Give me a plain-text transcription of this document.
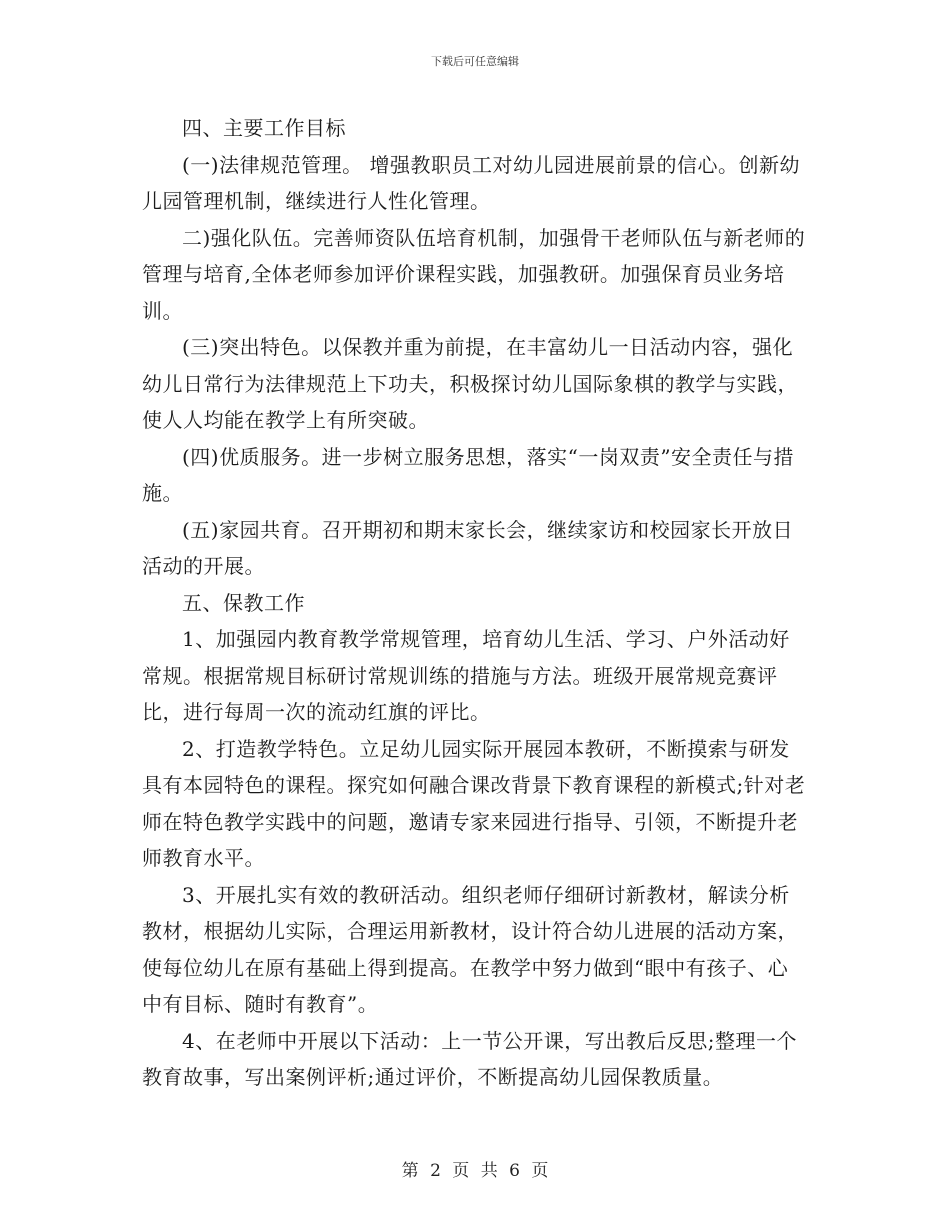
下载后可任意编辑

四、主要工作目标

(一)法律规范管理。 增强教职员工对幼儿园进展前景的信心。创新幼儿园管理机制，继续进行人性化管理。

二)强化队伍。完善师资队伍培育机制，加强骨干老师队伍与新老师的管理与培育,全体老师参加评价课程实践，加强教研。加强保育员业务培训。

(三)突出特色。以保教并重为前提，在丰富幼儿一日活动内容，强化幼儿日常行为法律规范上下功夫，积极探讨幼儿国际象棋的教学与实践，使人人均能在教学上有所突破。

(四)优质服务。进一步树立服务思想，落实“一岗双责”安全责任与措施。

(五)家园共育。召开期初和期末家长会，继续家访和校园家长开放日活动的开展。

五、保教工作

1、加强园内教育教学常规管理，培育幼儿生活、学习、户外活动好常规。根据常规目标研讨常规训练的措施与方法。班级开展常规竞赛评比，进行每周一次的流动红旗的评比。

2、打造教学特色。立足幼儿园实际开展园本教研，不断摸索与研发具有本园特色的课程。探究如何融合课改背景下教育课程的新模式;针对老师在特色教学实践中的问题，邀请专家来园进行指导、引领，不断提升老师教育水平。

3、开展扎实有效的教研活动。组织老师仔细研讨新教材，解读分析教材，根据幼儿实际，合理运用新教材，设计符合幼儿进展的活动方案，使每位幼儿在原有基础上得到提高。在教学中努力做到“眼中有孩子、心中有目标、随时有教育”。

4、在老师中开展以下活动：上一节公开课，写出教后反思;整理一个教育故事，写出案例评析;通过评价，不断提高幼儿园保教质量。

第 2 页 共 6 页
